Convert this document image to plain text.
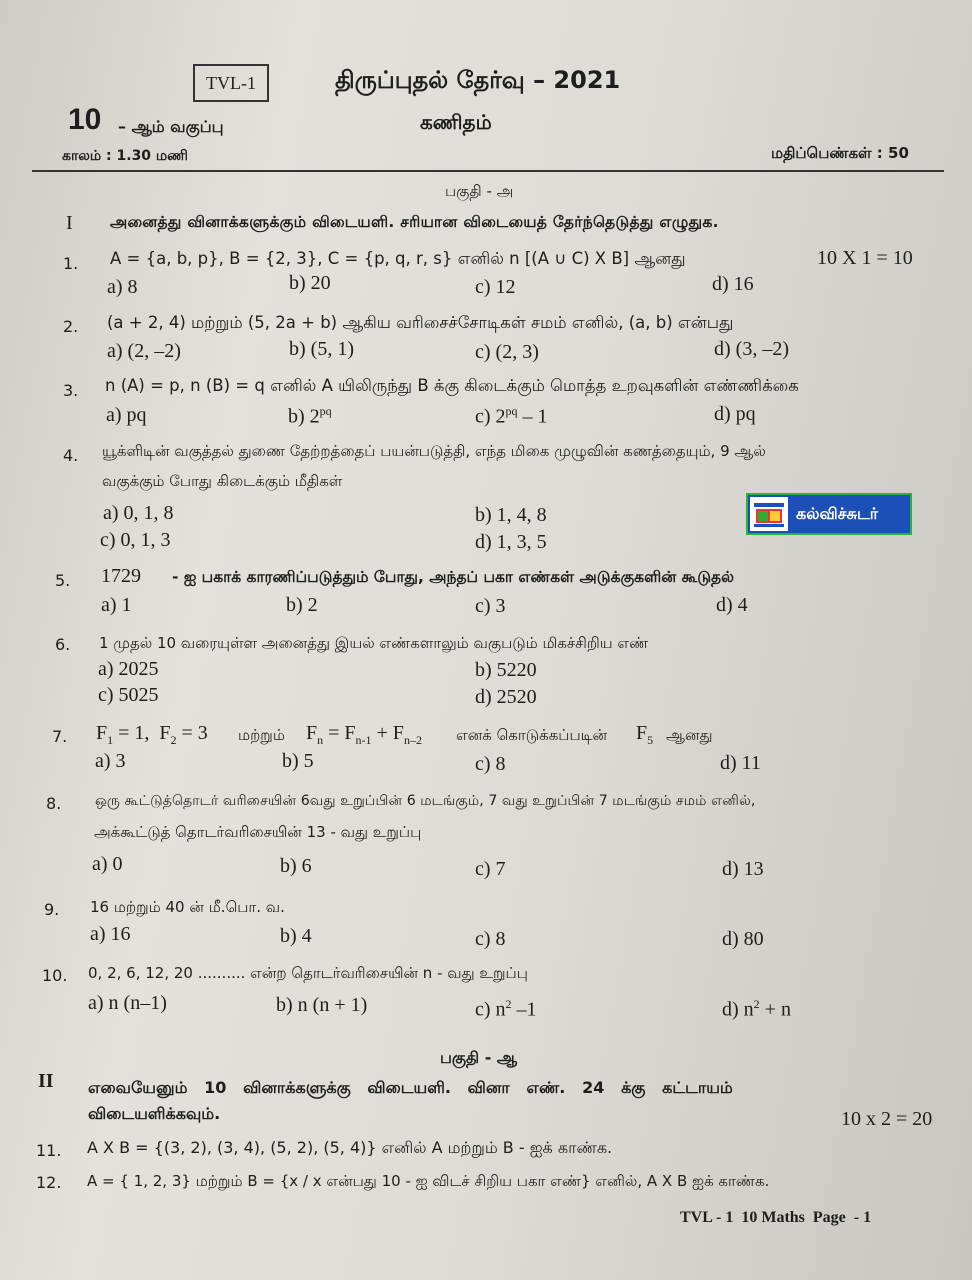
TVL-1	திருப்புதல் தேர்வு – 2021
10 – ஆம் வகுப்பு	கணிதம்
காலம் : 1.30 மணி	மதிப்பெண்கள் : 50
பகுதி - அ
I அனைத்து வினாக்களுக்கும் விடையளி. சரியான விடையைத் தேர்ந்தெடுத்து எழுதுக.
1. A = {a, b, p}, B = {2, 3}, C = {p, q, r, s} எனில் n [(A ∪ C) X B] ஆனது	10 X 1 = 10
a) 8	b) 20	c) 12	d) 16
2. (a + 2, 4) மற்றும் (5, 2a + b) ஆகிய வரிசைச்சோடிகள் சமம் எனில், (a, b) என்பது
a) (2, –2)	b) (5, 1)	c) (2, 3)	d) (3, –2)
3. n (A) = p, n (B) = q எனில் A யிலிருந்து B க்கு கிடைக்கும் மொத்த உறவுகளின் எண்ணிக்கை
a) pq	b) $2^{pq}$	c) $2^{pq} - 1$	d) pq
4. யூக்ளிடின் வகுத்தல் துணை தேற்றத்தைப் பயன்படுத்தி, எந்த மிகை முழுவின் கணத்தையும், 9 ஆல்
வகுக்கும் போது கிடைக்கும் மீதிகள்
a) 0, 1, 8	b) 1, 4, 8
c) 0, 1, 3	d) 1, 3, 5
கல்விச்சுடர்
5. 1729 - ஐ பகாக் காரணிப்படுத்தும் போது, அந்தப் பகா எண்கள் அடுக்குகளின் கூடுதல்
a) 1	b) 2	c) 3	d) 4
6. 1 முதல் 10 வரையுள்ள அனைத்து இயல் எண்களாலும் வகுபடும் மிகச்சிறிய எண்
a) 2025	b) 5220
c) 5025	d) 2520
7. $F_1 = 1$,  $F_2 = 3$ மற்றும் $F_n = F_{n-1} + F_{n-2}$ எனக் கொடுக்கப்படின் $F_5$ ஆனது
a) 3	b) 5	c) 8	d) 11
8. ஒரு கூட்டுத்தொடர் வரிசையின் 6வது உறுப்பின் 6 மடங்கும், 7 வது உறுப்பின் 7 மடங்கும் சமம் எனில்,
அக்கூட்டுத் தொடர்வரிசையின் 13 - வது உறுப்பு
a) 0	b) 6	c) 7	d) 13
9. 16 மற்றும் 40 ன் மீ.பொ. வ.
a) 16	b) 4	c) 8	d) 80
10. 0, 2, 6, 12, 20 .......... என்ற தொடர்வரிசையின் n - வது உறுப்பு
a) n (n–1)	b) n (n + 1)	c) $n^2$ –1	d) $n^2 + n$
பகுதி - ஆ
II எவையேனும்   10   வினாக்களுக்கு   விடையளி.   வினா   எண்.   24   க்கு   கட்டாயம்
விடையளிக்கவும்.	10 x 2 = 20
11. A X B = {(3, 2), (3, 4), (5, 2), (5, 4)} எனில் A மற்றும் B - ஐக் காண்க.
12. A = { 1, 2, 3} மற்றும் B = {x / x என்பது 10 - ஐ விடச் சிறிய பகா எண்} எனில், A X B ஐக் காண்க.
TVL - 1  10 Maths  Page  - 1
